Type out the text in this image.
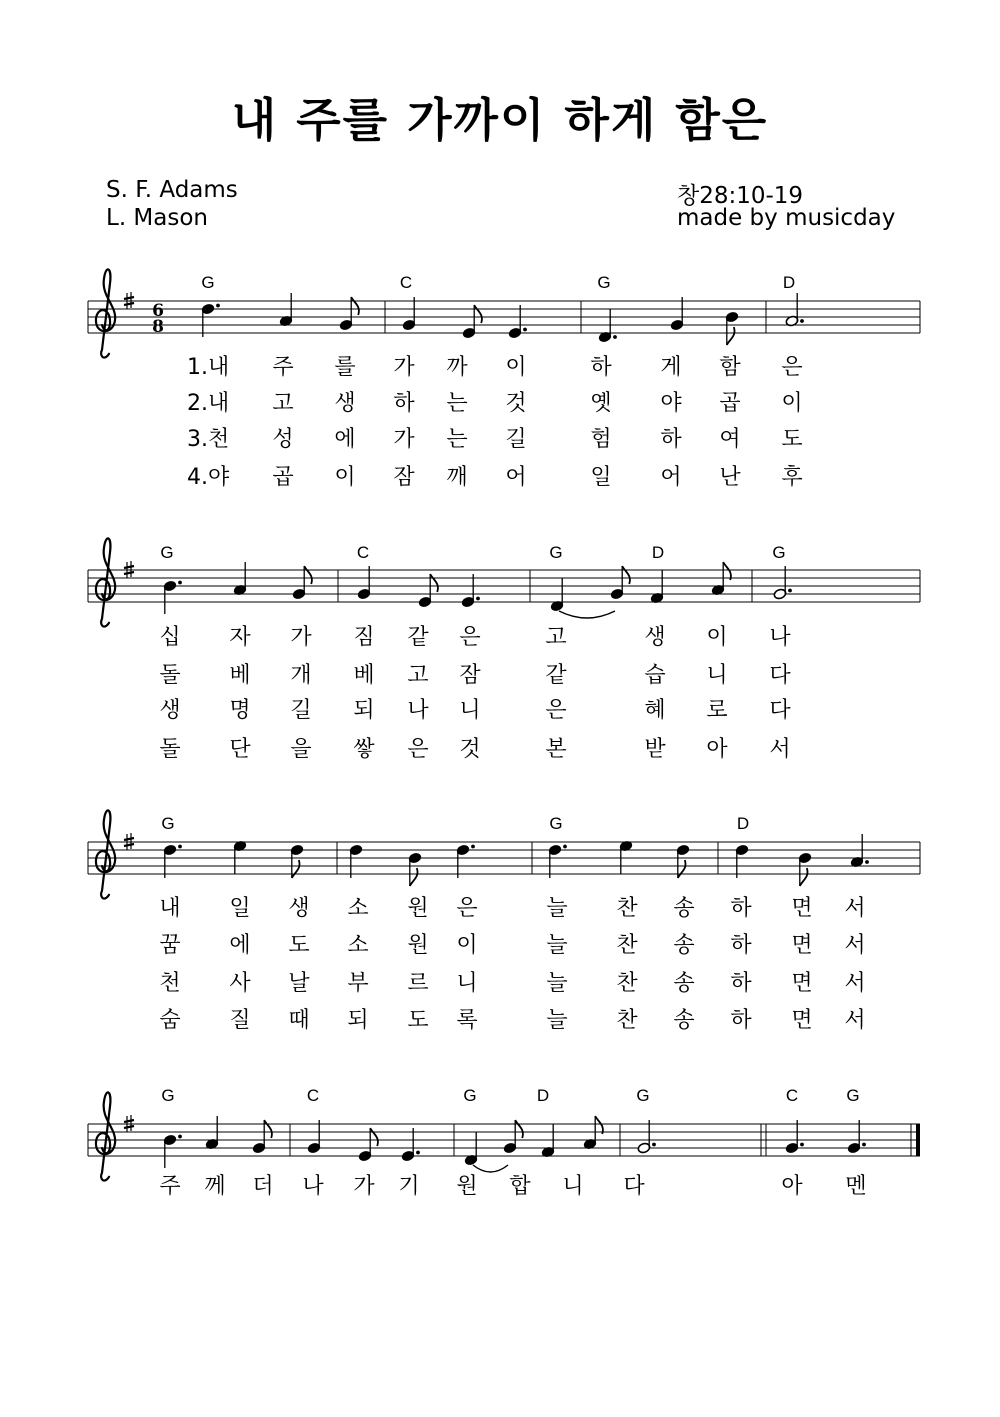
내 주를 가까이 하게 함은
S. F. Adams
L. Mason
창28:10-19
made by musicday
6
8
G	C	G	D
G	C	G	D	G
G	G	D
G	C	G	D	G	C	G
1.내 주 를 가 까 이	하 게 함 은
2.내 고 생 하 는 것	옛 야 곱 이
3.천 성 에 가 는 길	험 하 여 도
4.야 곱 이 잠 깨 어	일 어 난 후
십 자 가 짐 같 은	고	생 이 나
돌 베 개 베 고 잠	같	습 니 다
생 명 길 되 나 니	은	혜 로 다
돌 단 을 쌓 은 것	본	받 아 서
내 일 생 소 원 은	늘 찬 송 하 면 서
꿈 에 도 소 원 이	늘 찬 송 하 면 서
천 사 날 부 르 니	늘 찬 송 하 면 서
숨 질 때 되 도 록	늘 찬 송 하 면 서
주 께 더 나 가 기 원 합 니 다	아 멘
